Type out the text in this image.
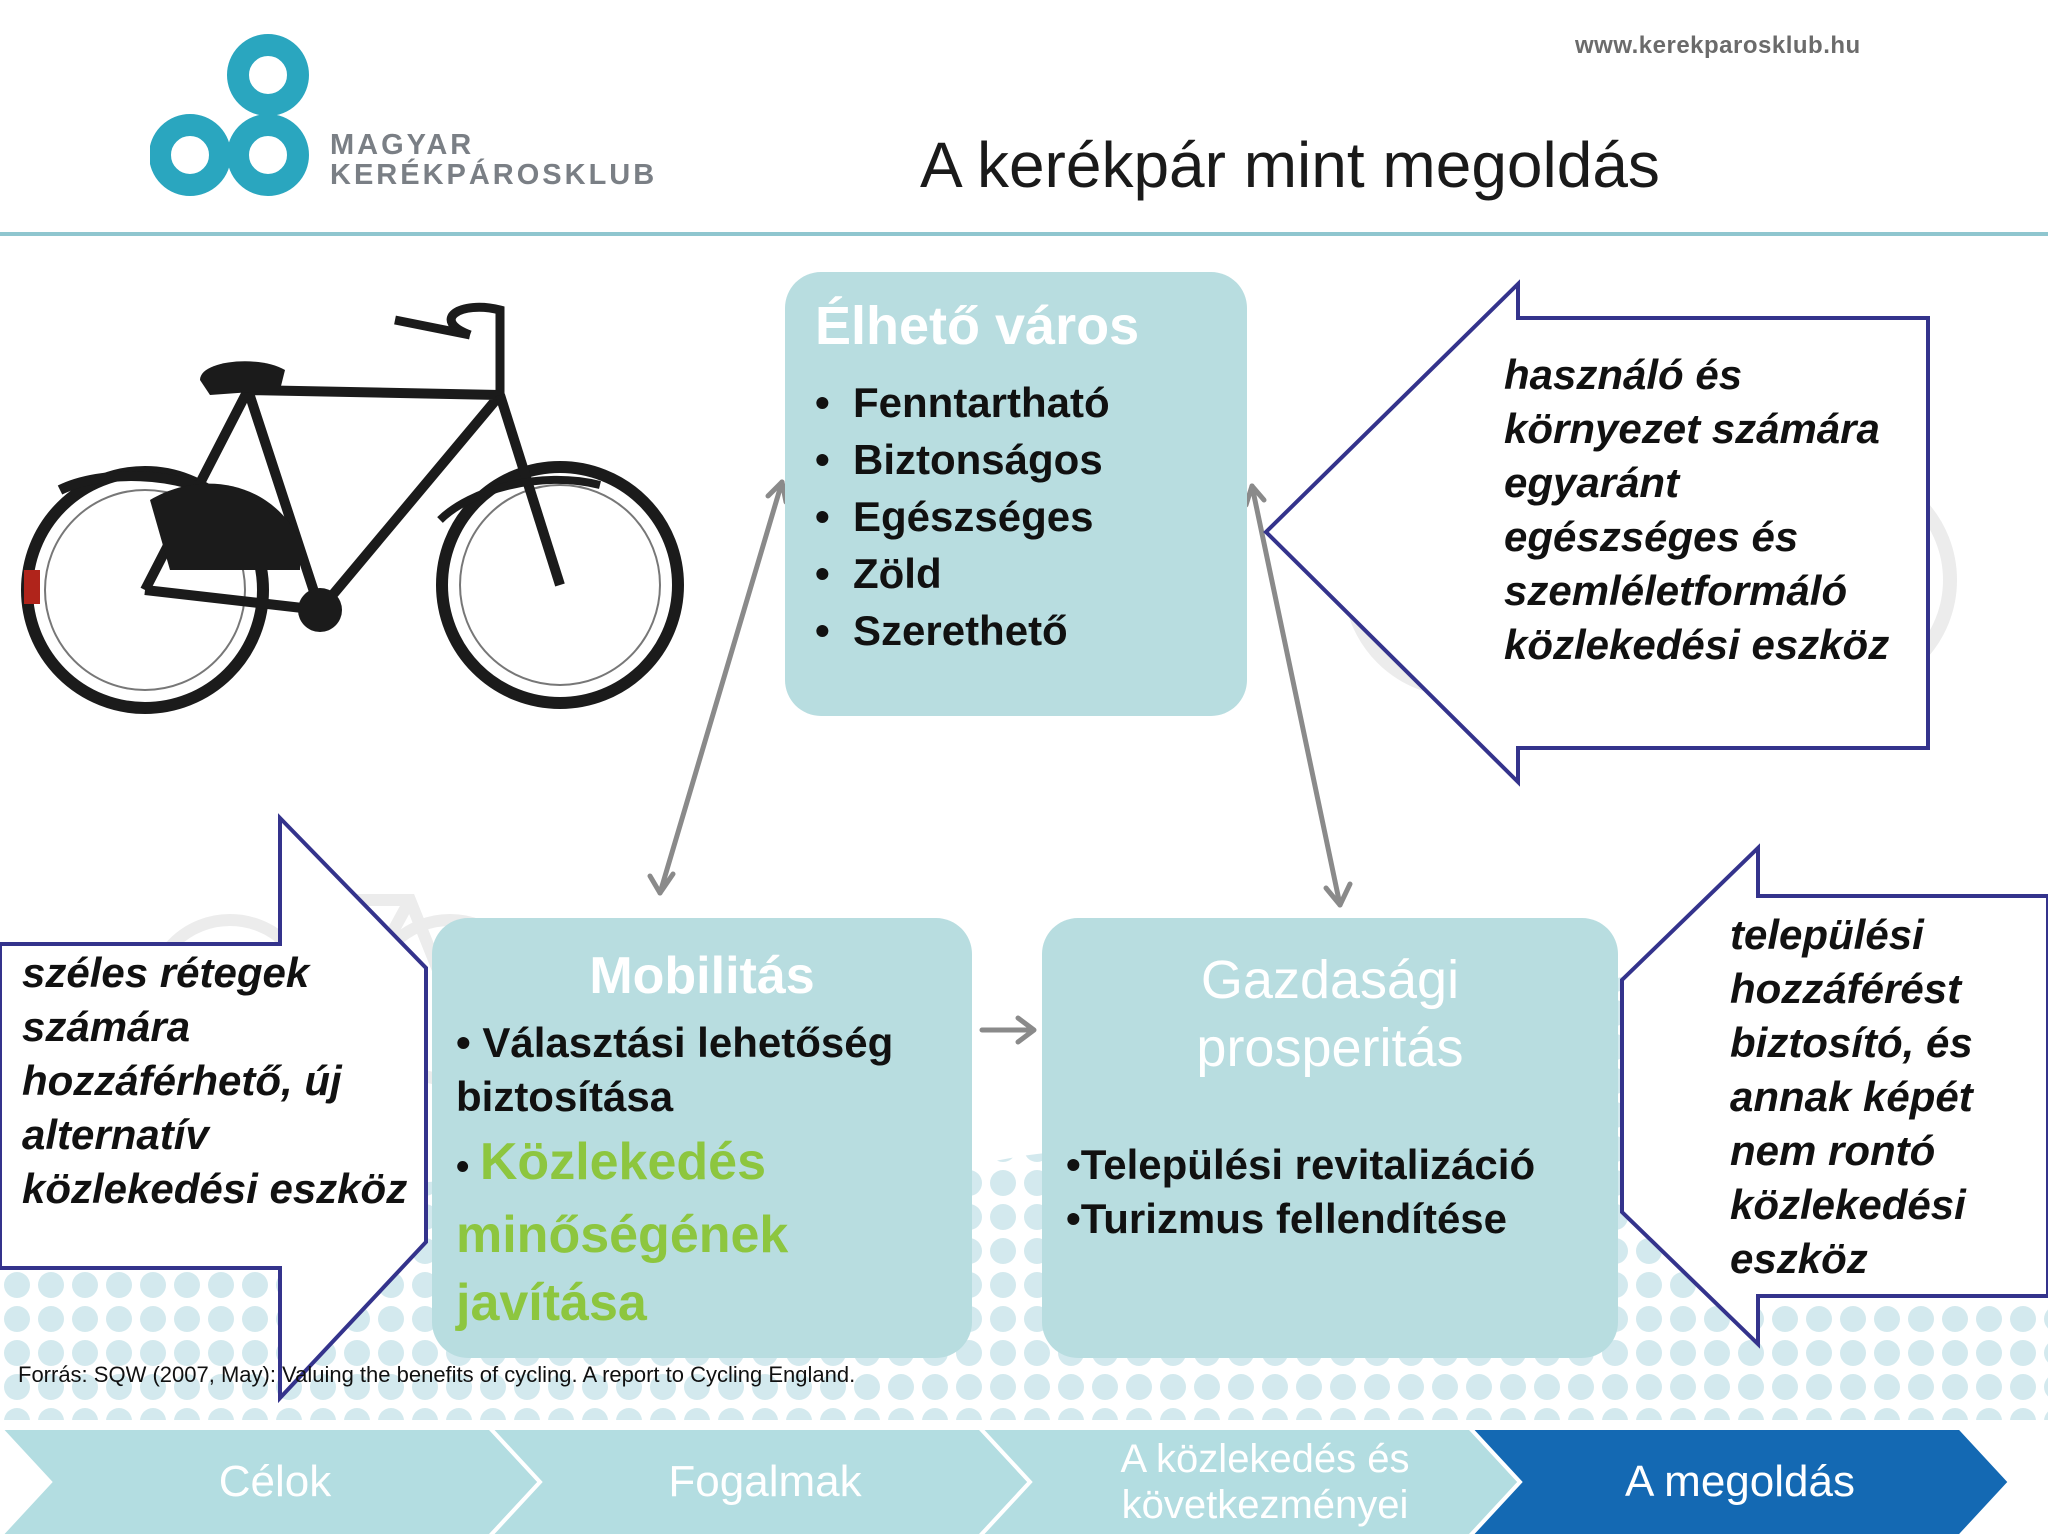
MAGYAR
KERÉKPÁROSKLUB
www.kerekparosklub.hu
A kerékpár mint megoldás
használó és környezet számára egyaránt egészséges és szemléletformáló közlekedési eszköz
széles rétegek számára hozzáférhető, új alternatív közlekedési eszköz
települési hozzáférést biztosító, és annak képét nem rontó közlekedési eszköz
Élhető város
• Fenntartható
• Biztonságos
• Egészséges
• Zöld
• Szerethető
Mobilitás
• Választási lehetőség biztosítása
• Közlekedés minőségének javítása
Gazdasági prosperitás
•Települési revitalizáció
•Turizmus fellendítése
Forrás: SQW (2007, May): Valuing the benefits of cycling. A report to Cycling England.
Célok	Fogalmak	A közlekedés és következményei	A megoldás
